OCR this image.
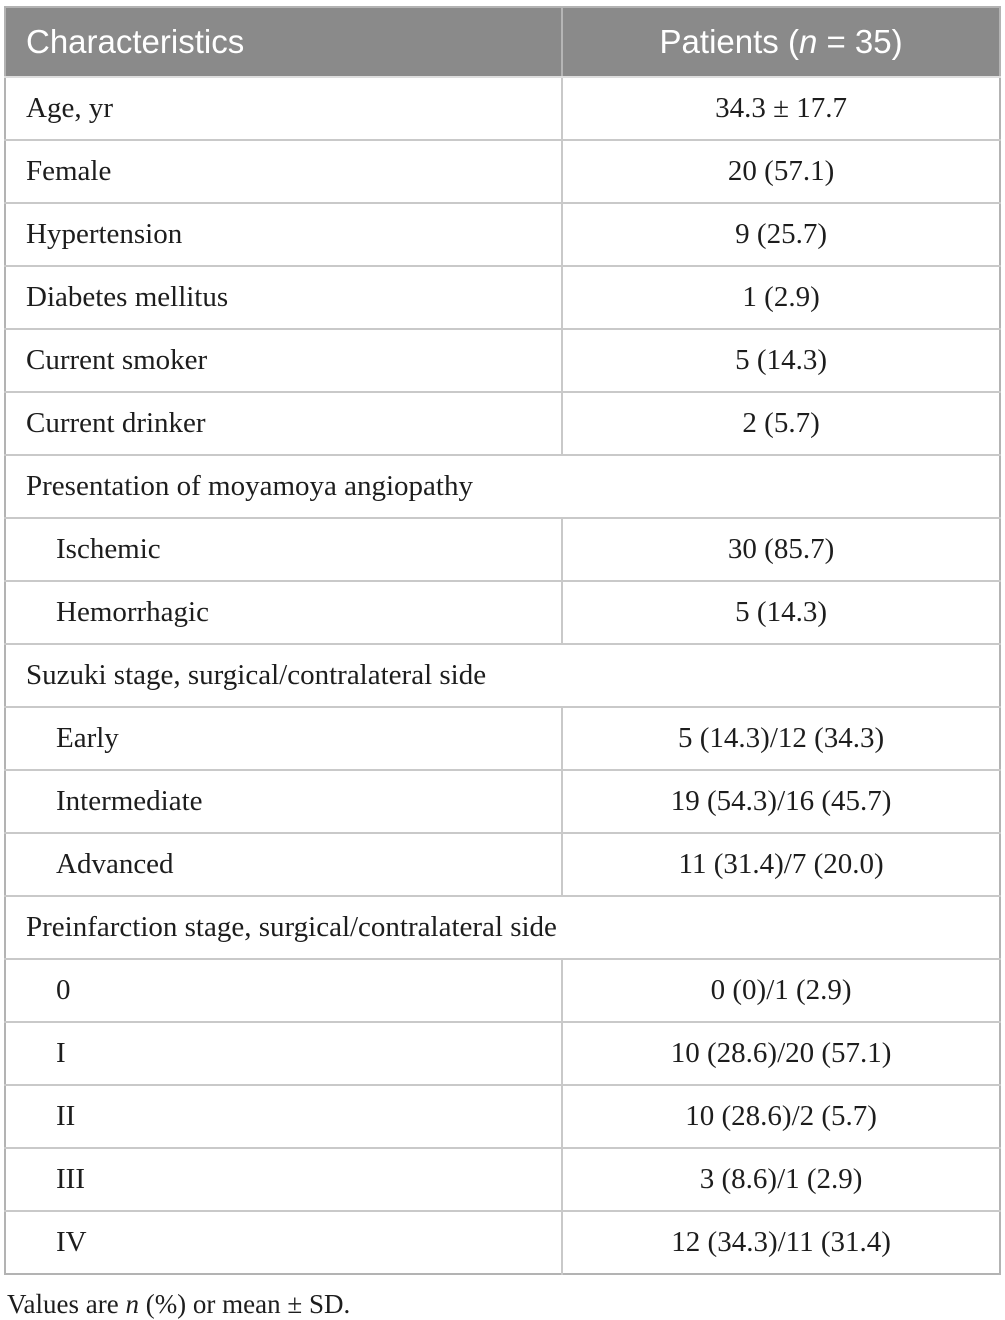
Characteristics	Patients (n = 35)
Age, yr	34.3 ± 17.7
Female	20 (57.1)
Hypertension	9 (25.7)
Diabetes mellitus	1 (2.9)
Current smoker	5 (14.3)
Current drinker	2 (5.7)
Presentation of moyamoya angiopathy	
Ischemic	30 (85.7)
Hemorrhagic	5 (14.3)
Suzuki stage, surgical/contralateral side	
Early	5 (14.3)/12 (34.3)
Intermediate	19 (54.3)/16 (45.7)
Advanced	11 (31.4)/7 (20.0)
Preinfarction stage, surgical/contralateral side	
0	0 (0)/1 (2.9)
I	10 (28.6)/20 (57.1)
II	10 (28.6)/2 (5.7)
III	3 (8.6)/1 (2.9)
IV	12 (34.3)/11 (31.4)
Values are n (%) or mean ± SD.
